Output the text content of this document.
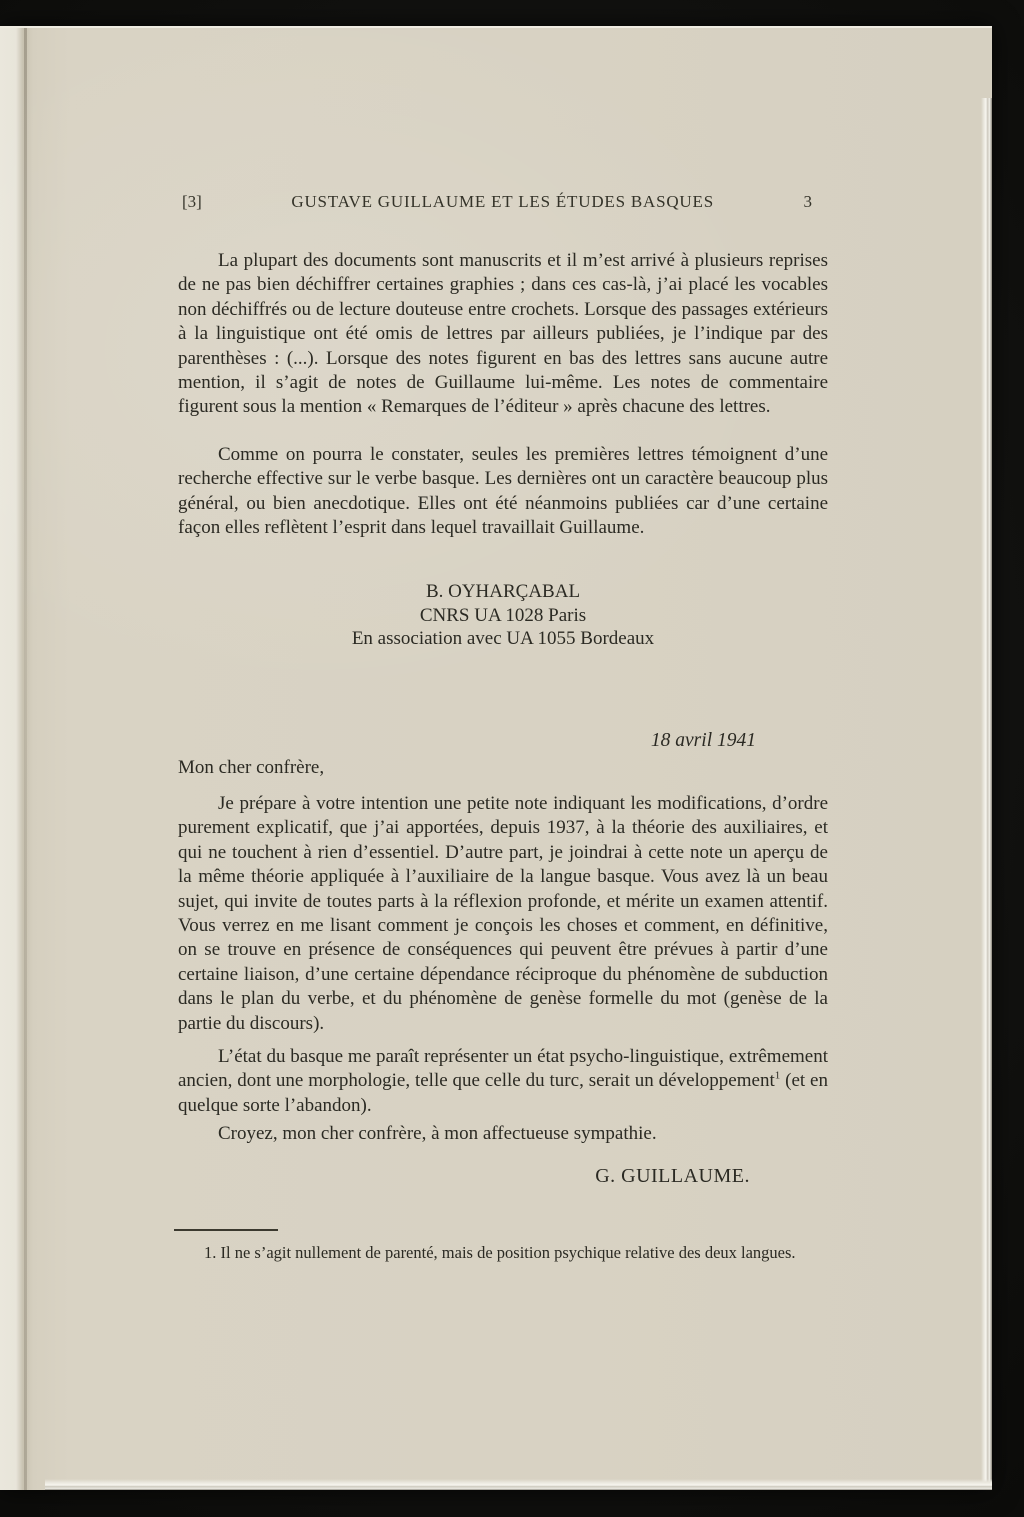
[3]	GUSTAVE GUILLAUME ET LES ÉTUDES BASQUES	3

La plupart des documents sont manuscrits et il m’est arrivé à plusieurs reprises de ne pas bien déchiffrer certaines graphies ; dans ces cas-là, j’ai placé les vocables non déchiffrés ou de lecture douteuse entre crochets. Lorsque des passages extérieurs à la linguistique ont été omis de lettres par ailleurs publiées, je l’indique par des parenthèses : (...). Lorsque des notes figurent en bas des lettres sans aucune autre mention, il s’agit de notes de Guillaume lui-même. Les notes de commentaire figurent sous la mention « Remarques de l’éditeur » après chacune des lettres.

Comme on pourra le constater, seules les premières lettres témoignent d’une recherche effective sur le verbe basque. Les dernières ont un caractère beaucoup plus général, ou bien anecdotique. Elles ont été néanmoins publiées car d’une certaine façon elles reflètent l’esprit dans lequel travaillait Guillaume.

B. OYHARÇABAL
CNRS UA 1028 Paris
En association avec UA 1055 Bordeaux
18 avril 1941
Mon cher confrère,

Je prépare à votre intention une petite note indiquant les modifications, d’ordre purement explicatif, que j’ai apportées, depuis 1937, à la théorie des auxiliaires, et qui ne touchent à rien d’essentiel. D’autre part, je joindrai à cette note un aperçu de la même théorie appliquée à l’auxiliaire de la langue basque. Vous avez là un beau sujet, qui invite de toutes parts à la réflexion profonde, et mérite un examen attentif. Vous verrez en me lisant comment je conçois les choses et comment, en définitive, on se trouve en présence de conséquences qui peuvent être prévues à partir d’une certaine liaison, d’une certaine dépendance réciproque du phénomène de subduction dans le plan du verbe, et du phénomène de genèse formelle du mot (genèse de la partie du discours).

L’état du basque me paraît représenter un état psycho-linguistique, extrêmement ancien, dont une morphologie, telle que celle du turc, serait un développement$^1$ (et en quelque sorte l’abandon).

Croyez, mon cher confrère, à mon affectueuse sympathie.

G. GUILLAUME.

1. Il ne s’agit nullement de parenté, mais de position psychique relative des deux langues.
